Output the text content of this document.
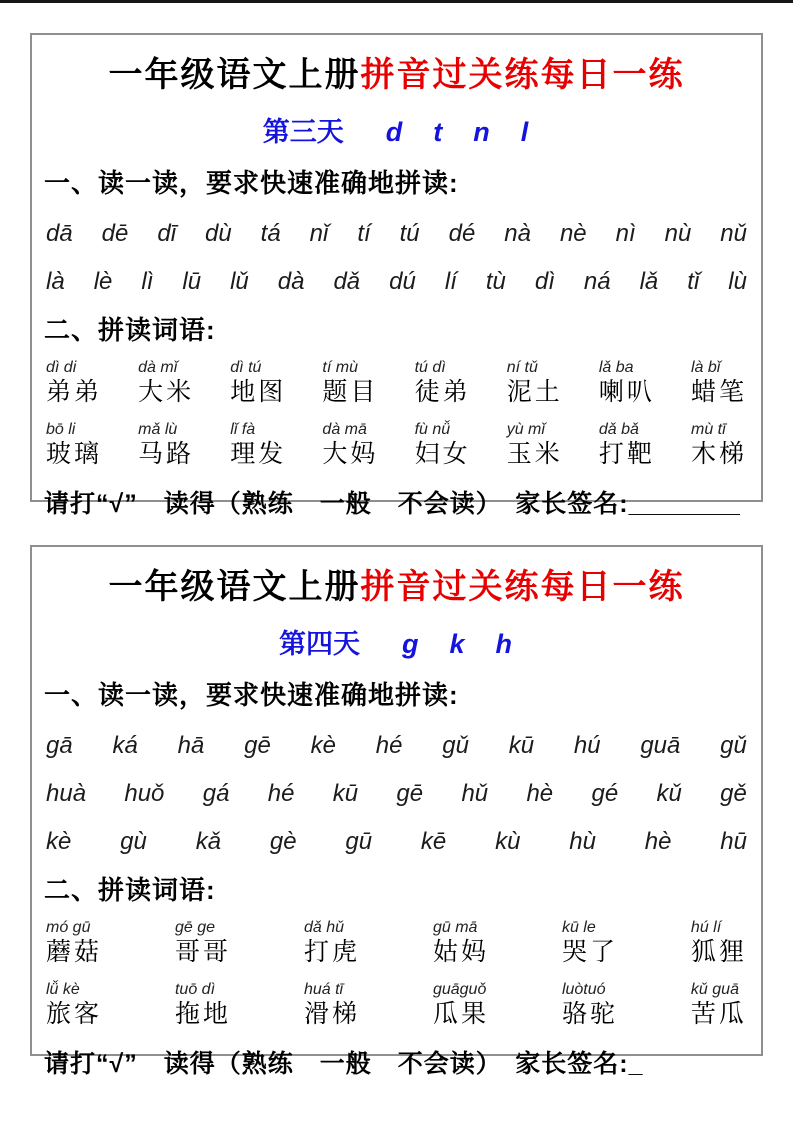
一年级语文上册拼音过关练每日一练
第三天 d　t　n　l
一、读一读，要求快速准确地拼读:
dā dē dī dù tá nǐ tí tú dé nà nè nì nù nǔ
là lè lì lū lǔ dà dǎ dú lí tù dì ná lǎ tǐ lù
二、拼读词语:
dì di
弟弟
dà mǐ
大米
dì tú
地图
tí mù
题目
tú dì
徒弟
ní tǔ
泥土
lǎ ba
喇叭
là bǐ
蜡笔
bō li
玻璃
mǎ lù
马路
lǐ fà
理发
dà mā
大妈
fù nǚ
妇女
yù mǐ
玉米
dǎ bǎ
打靶
mù tī
木梯
请打“√”　读得（熟练　一般　不会读）　家长签名:________
一年级语文上册拼音过关练每日一练
第四天 g　k　h
一、读一读，要求快速准确地拼读:
gā ká hā gē kè hé gǔ kū hú guā gǔ
huà huǒ gá hé kū gē hǔ hè gé kǔ gě
kè gù kǎ gè gū kē kù hù hè hū
二、拼读词语:
mó gū
蘑菇
gē ge
哥哥
dǎ hǔ
打虎
gū mā
姑妈
kū le
哭了
hú lí
狐狸
lǚ kè
旅客
tuō dì
拖地
huá tī
滑梯
guāguǒ
瓜果
luòtuó
骆驼
kǔ guā
苦瓜
请打“√”　读得（熟练　一般　不会读）　家长签名:_
